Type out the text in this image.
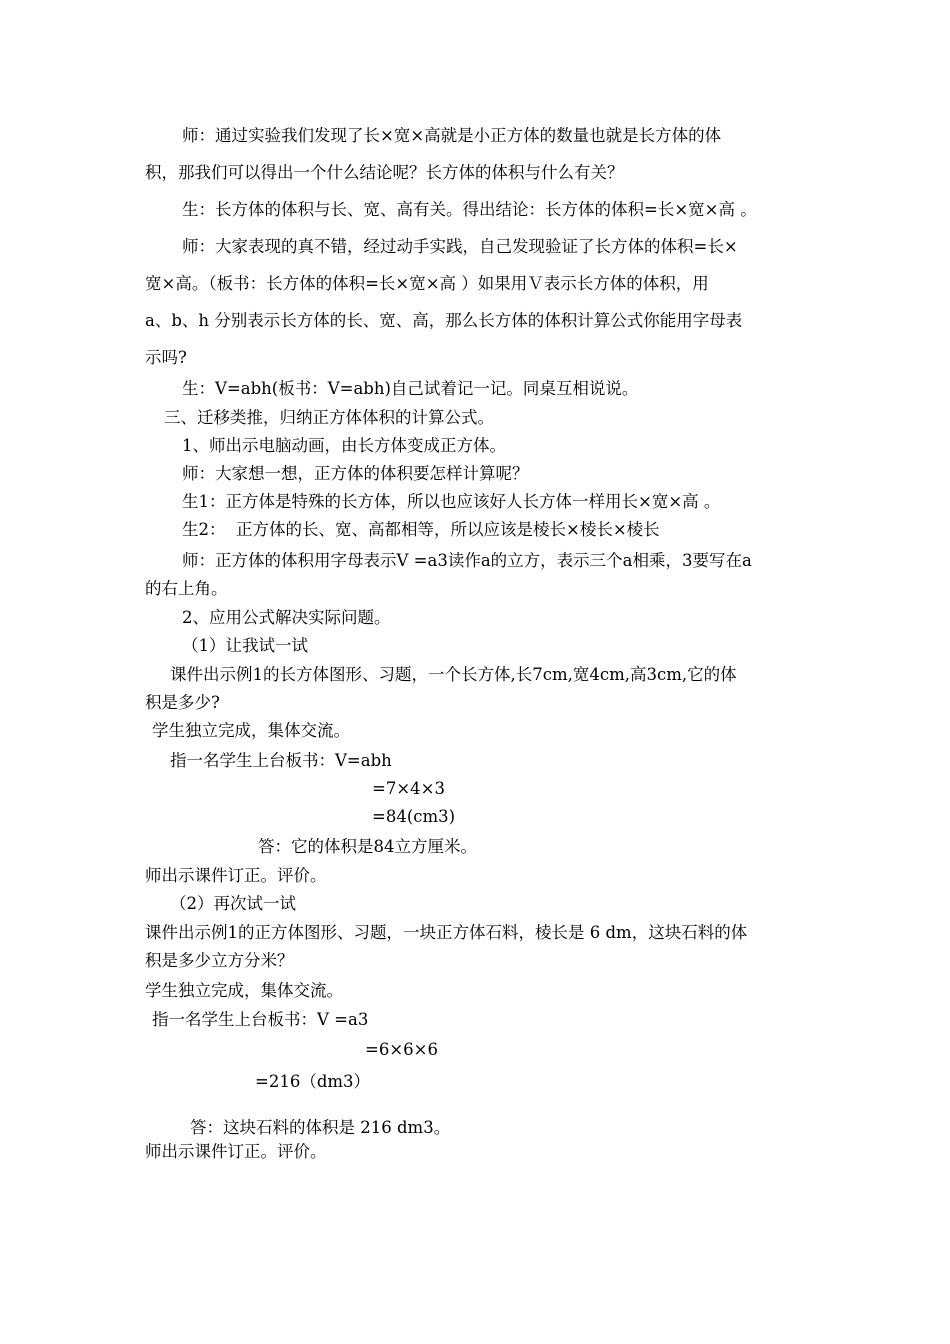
师：通过实验我们发现了长×宽×高就是小正方体的数量也就是长方体的体
积，那我们可以得出一个什么结论呢？长方体的体积与什么有关？
生：长方体的体积与长、宽、高有关。得出结论：长方体的体积=长×宽×高 。
师：大家表现的真不错，经过动手实践，自己发现验证了长方体的体积=长×
宽×高。（板书：长方体的体积=长×宽×高 ）如果用Ｖ表示长方体的体积，用
a、b、h 分别表示长方体的长、宽、高，那么长方体的体积计算公式你能用字母表
示吗?
生：V=abh(板书：V=abh)自己试着记一记。同桌互相说说。
三、迁移类推，归纳正方体体积的计算公式。
1、师出示电脑动画，由长方体变成正方体。
师：大家想一想，正方体的体积要怎样计算呢？
生1：正方体是特殊的长方体，所以也应该好人长方体一样用长×宽×高 。
生2：  正方体的长、宽、高都相等，所以应该是棱长×棱长×棱长
师：正方体的体积用字母表示V =a3读作a的立方，表示三个a相乘，3要写在a
的右上角。
2、应用公式解决实际问题。
（1）让我试一试
课件出示例1的长方体图形、习题，一个长方体,长7cm,宽4cm,高3cm,它的体
积是多少?
学生独立完成，集体交流。
指一名学生上台板书：V=abh
=7×4×3
=84(cm3)
答：它的体积是84立方厘米。
师出示课件订正。评价。
（2）再次试一试
课件出示例1的正方体图形、习题，一块正方体石料，棱长是 6 dm，这块石料的体
积是多少立方分米？
学生独立完成，集体交流。
指一名学生上台板书：V =a3
=6×6×6
=216（dm3）
答：这块石料的体积是 216 dm3。
师出示课件订正。评价。
